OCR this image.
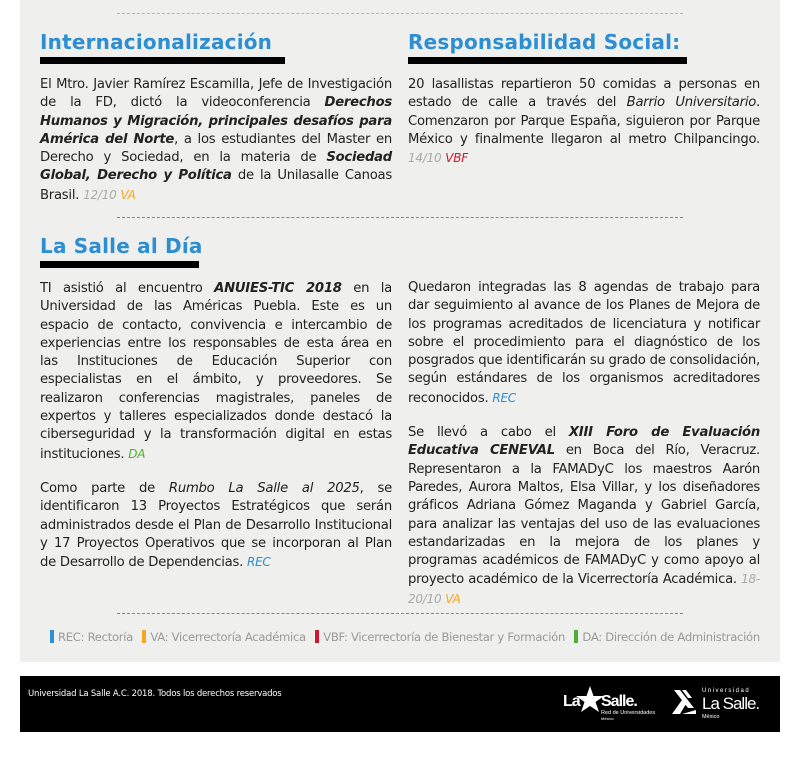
Internacionalización

El Mtro. Javier Ramírez Escamilla, Jefe de Investigación de la FD, dictó la videoconferencia Derechos Humanos y Migración, principales desafíos para América del Norte, a los estudiantes del Master en Derecho y Sociedad, en la materia de Sociedad Global, Derecho y Política de la Unilasalle Canoas Brasil. 12/10 VA

Responsabilidad Social:

20 lasallistas repartieron 50 comidas a personas en estado de calle a través del Barrio Universitario. Comenzaron por Parque España, siguieron por Parque México y finalmente llegaron al metro Chilpancingo. 14/10 VBF

La Salle al Día

TI asistió al encuentro ANUIES-TIC 2018 en la Universidad de las Américas Puebla. Este es un espacio de contacto, convivencia e intercambio de experiencias entre los responsables de esta área en las Instituciones de Educación Superior con especialistas en el ámbito, y proveedores. Se realizaron conferencias magistrales, paneles de expertos y talleres especializados donde destacó la ciberseguridad y la transformación digital en estas instituciones. DA

Como parte de Rumbo La Salle al 2025, se identificaron 13 Proyectos Estratégicos que serán administrados desde el Plan de Desarrollo Institucional y 17 Proyectos Operativos que se incorporan al Plan de Desarrollo de Dependencias. REC

Quedaron integradas las 8 agendas de trabajo para dar seguimiento al avance de los Planes de Mejora de los programas acreditados de licenciatura y notificar sobre el procedimiento para el diagnóstico de los posgrados que identificarán su grado de consolidación, según estándares de los organismos acreditadores reconocidos. REC

Se llevó a cabo el XIII Foro de Evaluación Educativa CENEVAL en Boca del Río, Veracruz. Representaron a la FAMADyC los maestros Aarón Paredes, Aurora Maltos, Elsa Villar, y los diseñadores gráficos Adriana Gómez Maganda y Gabriel García, para analizar las ventajas del uso de las evaluaciones estandarizadas en la mejora de los planes y programas académicos de FAMADyC y como apoyo al proyecto académico de la Vicerrectoría Académica. 18-20/10 VA

REC: Rectoría VA: Vicerrectoría Académica VBF: Vicerrectoría de Bienestar y Formación DA: Dirección de Administración
Universidad La Salle A.C. 2018. Todos los derechos reservados	La Salle.
Red de Universidades
México
Universidad
La Salle.
México
